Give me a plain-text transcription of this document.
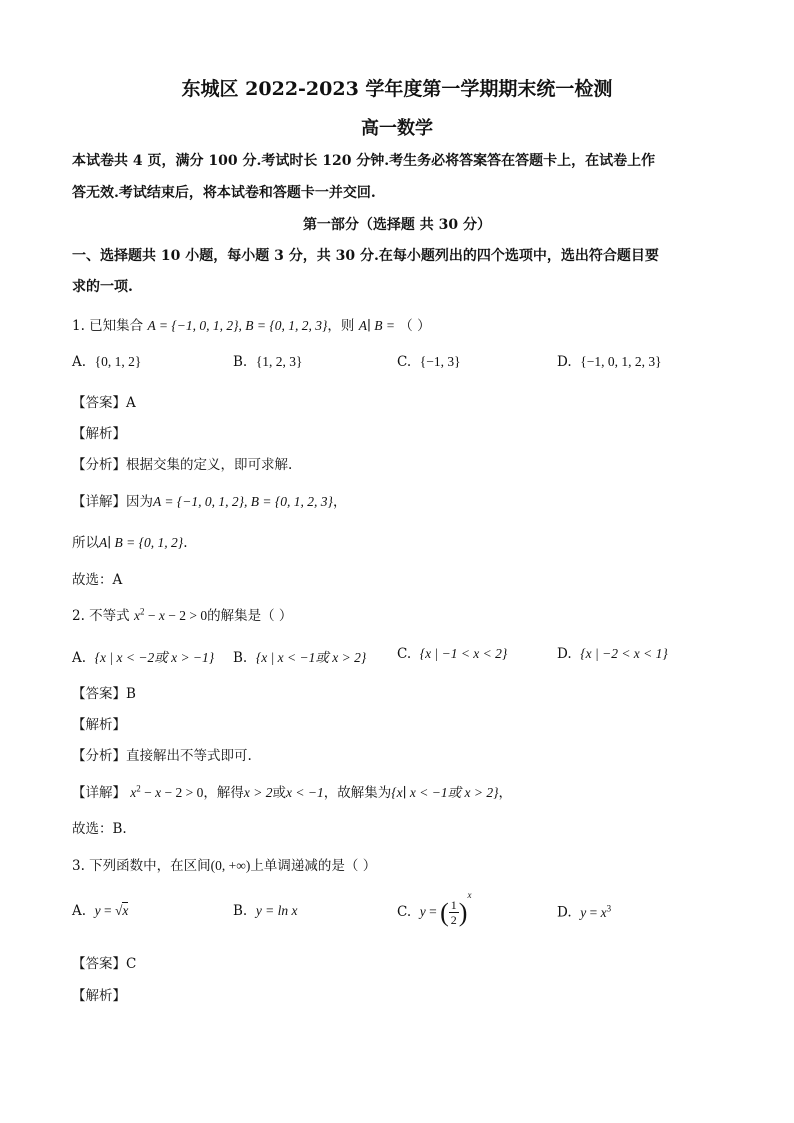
东城区 2022-2023 学年度第一学期期末统一检测
高一数学
本试卷共 4 页，满分 100 分.考试时长 120 分钟.考生务必将答案答在答题卡上，在试卷上作
答无效.考试结束后，将本试卷和答题卡一并交回.
第一部分（选择题 共 30 分）
一、选择题共 10 小题，每小题 3 分，共 30 分.在每小题列出的四个选项中，选出符合题目要
求的一项.
1. 已知集合 A = {−1, 0, 1, 2}, B = {0, 1, 2, 3}，则 A∣ B = （ ）
A. {0, 1, 2}	B. {1, 2, 3}	C. {−1, 3}	D. {−1, 0, 1, 2, 3}
【答案】A
【解析】
【分析】根据交集的定义，即可求解.
【详解】因为A = {−1, 0, 1, 2}, B = {0, 1, 2, 3}，
所以A∣ B = {0, 1, 2}.
故选：A
2. 不等式 $x^2 - x - 2 > 0$的解集是（ ）
A. {x | x < −2或 x > −1} B. {x | x < −1或 x > 2} C. {x | −1 < x < 2}	D. {x | −2 < x < 1}
【答案】B
【解析】
【分析】直接解出不等式即可.
【详解】 $x^2 - x - 2 > 0$，解得x > 2或x < −1，故解集为{x∣ x < −1或 x > 2}，
故选：B.
3. 下列函数中，在区间(0, +∞)上单调递减的是（ ）
A. y = √x	B. y = ln x	C. y = ( $\frac{1}{2} )^x$
D. $y = x^3$
【答案】C
【解析】
